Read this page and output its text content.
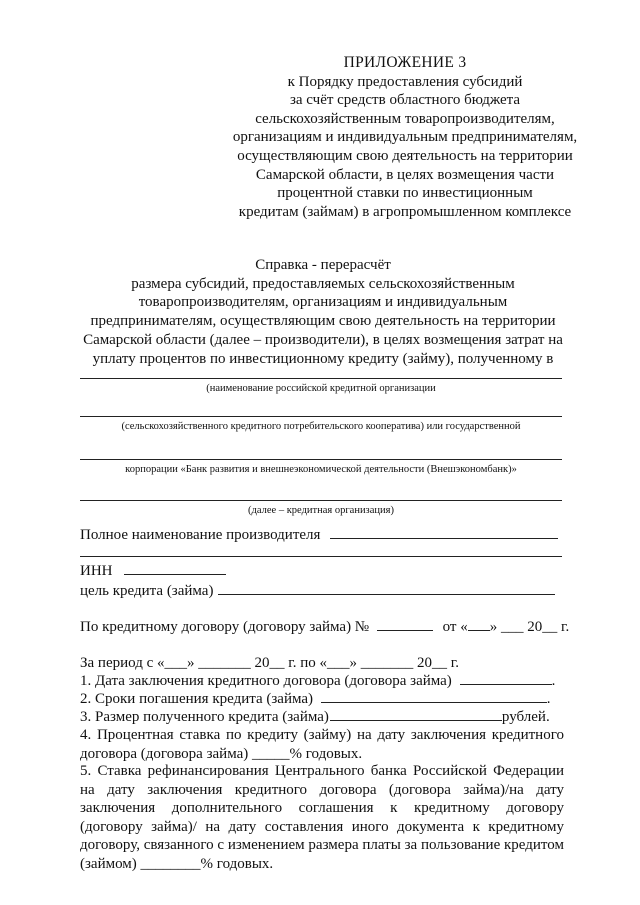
ПРИЛОЖЕНИЕ 3
к Порядку предоставления субсидий
за счёт средств областного бюджета
сельскохозяйственным товаропроизводителям,
организациям и индивидуальным предпринимателям,
осуществляющим свою деятельность на территории
Самарской области, в целях возмещения части
процентной ставки по инвестиционным
кредитам (займам) в агропромышленном комплексе
Справка - перерасчёт
размера субсидий, предоставляемых сельскохозяйственным
товаропроизводителям, организациям и индивидуальным
предпринимателям, осуществляющим свою деятельность на территории
Самарской области (далее – производители), в целях возмещения затрат на
уплату процентов по инвестиционному кредиту (займу), полученному в
(наименование российской кредитной организации
(сельскохозяйственного кредитного потребительского кооператива) или государственной
корпорации «Банк развития и внешнеэкономической деятельности (Внешэкономбанк)»
(далее – кредитная организация)
Полное наименование производителя
ИНН
цель кредита (займа)
По кредитному договору (договору займа) №	от « » ___ 20__ г.
За период с «___» _______ 20__ г. по «___» _______ 20__ г.
1. Дата заключения кредитного договора (договора займа)	.
2. Сроки погашения кредита (займа)	.
3. Размер полученного кредита (займа)	рублей.
4. Процентная ставка по кредиту (займу) на дату заключения кредитного договора (договора займа) _____% годовых.
5. Ставка рефинансирования Центрального банка Российской Федерации на дату заключения кредитного договора (договора займа)/на дату заключения дополнительного соглашения к кредитному договору (договору займа)/ на дату составления иного документа к кредитному договору, связанного с изменением размера платы за пользование кредитом (займом) ________% годовых.
